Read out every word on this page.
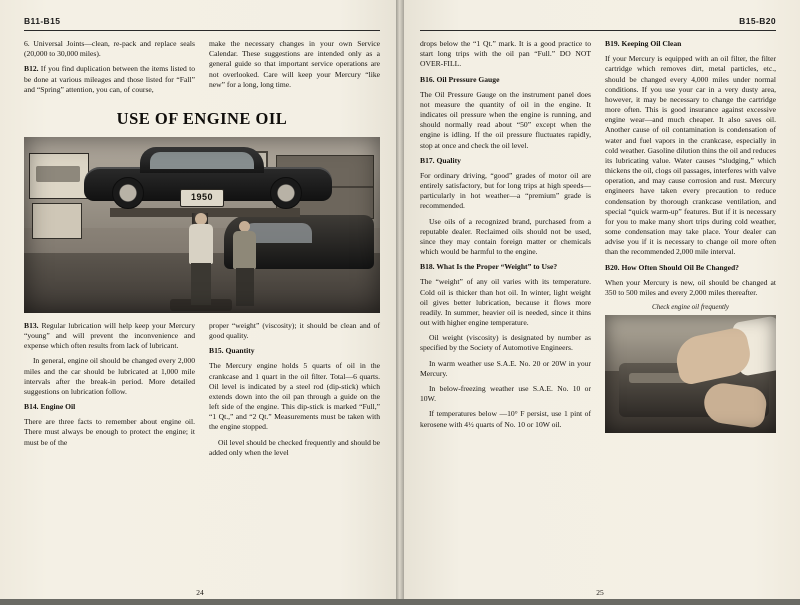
B11-B15

6. Universal Joints—clean, re-pack and replace seals (20,000 to 30,000 miles).

B12. If you find duplication between the items listed to be done at various mileages and those listed for “Fall” and “Spring” attention, you can, of course,

make the necessary changes in your own Service Calendar. These suggestions are intended only as a general guide so that important service operations are not overlooked. Care will keep your Mercury “like new” for a long, long time.

USE OF ENGINE OIL
1950

B13. Regular lubrication will help keep your Mercury “young” and will prevent the inconvenience and expense which often results from lack of lubricant.

In general, engine oil should be changed every 2,000 miles and the car should be lubricated at 1,000 mile intervals after the break-in period. More detailed suggestions on lubrication follow.

B14. Engine Oil

There are three facts to remember about engine oil. There must always be enough to protect the engine; it must be of the

proper “weight” (viscosity); it should be clean and of good quality.

B15. Quantity

The Mercury engine holds 5 quarts of oil in the crankcase and 1 quart in the oil filter. Total—6 quarts. Oil level is indicated by a steel rod (dip-stick) which extends down into the oil pan through a guide on the left side of the engine. This dip-stick is marked “Full,” “1 Qt.,” and “2 Qt.” Measurements must be taken with the engine stopped.

Oil level should be checked frequently and should be added only when the level

24
B15-B20

drops below the “1 Qt.” mark. It is a good practice to start long trips with the oil pan “Full.” DO NOT OVER-FILL.

B16. Oil Pressure Gauge

The Oil Pressure Gauge on the instrument panel does not measure the quantity of oil in the engine. It indicates oil pressure when the engine is running, and should normally read about “50” except when the engine is idling. If the oil pressure fluctuates rapidly, stop at once and check the oil level.

B17. Quality

For ordinary driving, “good” grades of motor oil are entirely satisfactory, but for long trips at high speeds—particularly in hot weather—a “premium” grade is recommended.

Use oils of a recognized brand, purchased from a reputable dealer. Reclaimed oils should not be used, since they may contain foreign matter or chemicals which would be harmful to the engine.

B18. What Is the Proper “Weight” to Use?

The “weight” of any oil varies with its temperature. Cold oil is thicker than hot oil. In winter, light weight oil gives better lubrication, because it flows more readily. In summer, heavier oil is needed, since it thins out with higher engine temperature.

Oil weight (viscosity) is designated by number as specified by the Society of Automotive Engineers.

In warm weather use S.A.E. No. 20 or 20W in your Mercury.

In below-freezing weather use S.A.E. No. 10 or 10W.

If temperatures below —10° F persist, use 1 pint of kerosene with 4½ quarts of No. 10 or 10W oil.

B19. Keeping Oil Clean

If your Mercury is equipped with an oil filter, the filter cartridge which removes dirt, metal particles, etc., should be changed every 4,000 miles under normal conditions. If you use your car in a very dusty area, however, it may be necessary to change the cartridge more often. This is good insurance against excessive engine wear—and much cheaper. It also saves oil. Another cause of oil contamination is condensation of water and fuel vapors in the crankcase, especially in cold weather. Gasoline dilution thins the oil and reduces its lubricating value. Water causes “sludging,” which thickens the oil, clogs oil passages, interferes with valve operation, and may cause corrosion and rust. Mercury engineers have taken every precaution to reduce condensation by thorough crankcase ventilation, and special “quick warm-up” features. But if it is necessary for you to make many short trips during cold weather, some condensation may take place. Your dealer can advise you if it is necessary to change oil more often than the recommended 2,000 mile interval.

B20. How Often Should Oil Be Changed?

When your Mercury is new, oil should be changed at 350 to 500 miles and every 2,000 miles thereafter.

Check engine oil frequently
25
